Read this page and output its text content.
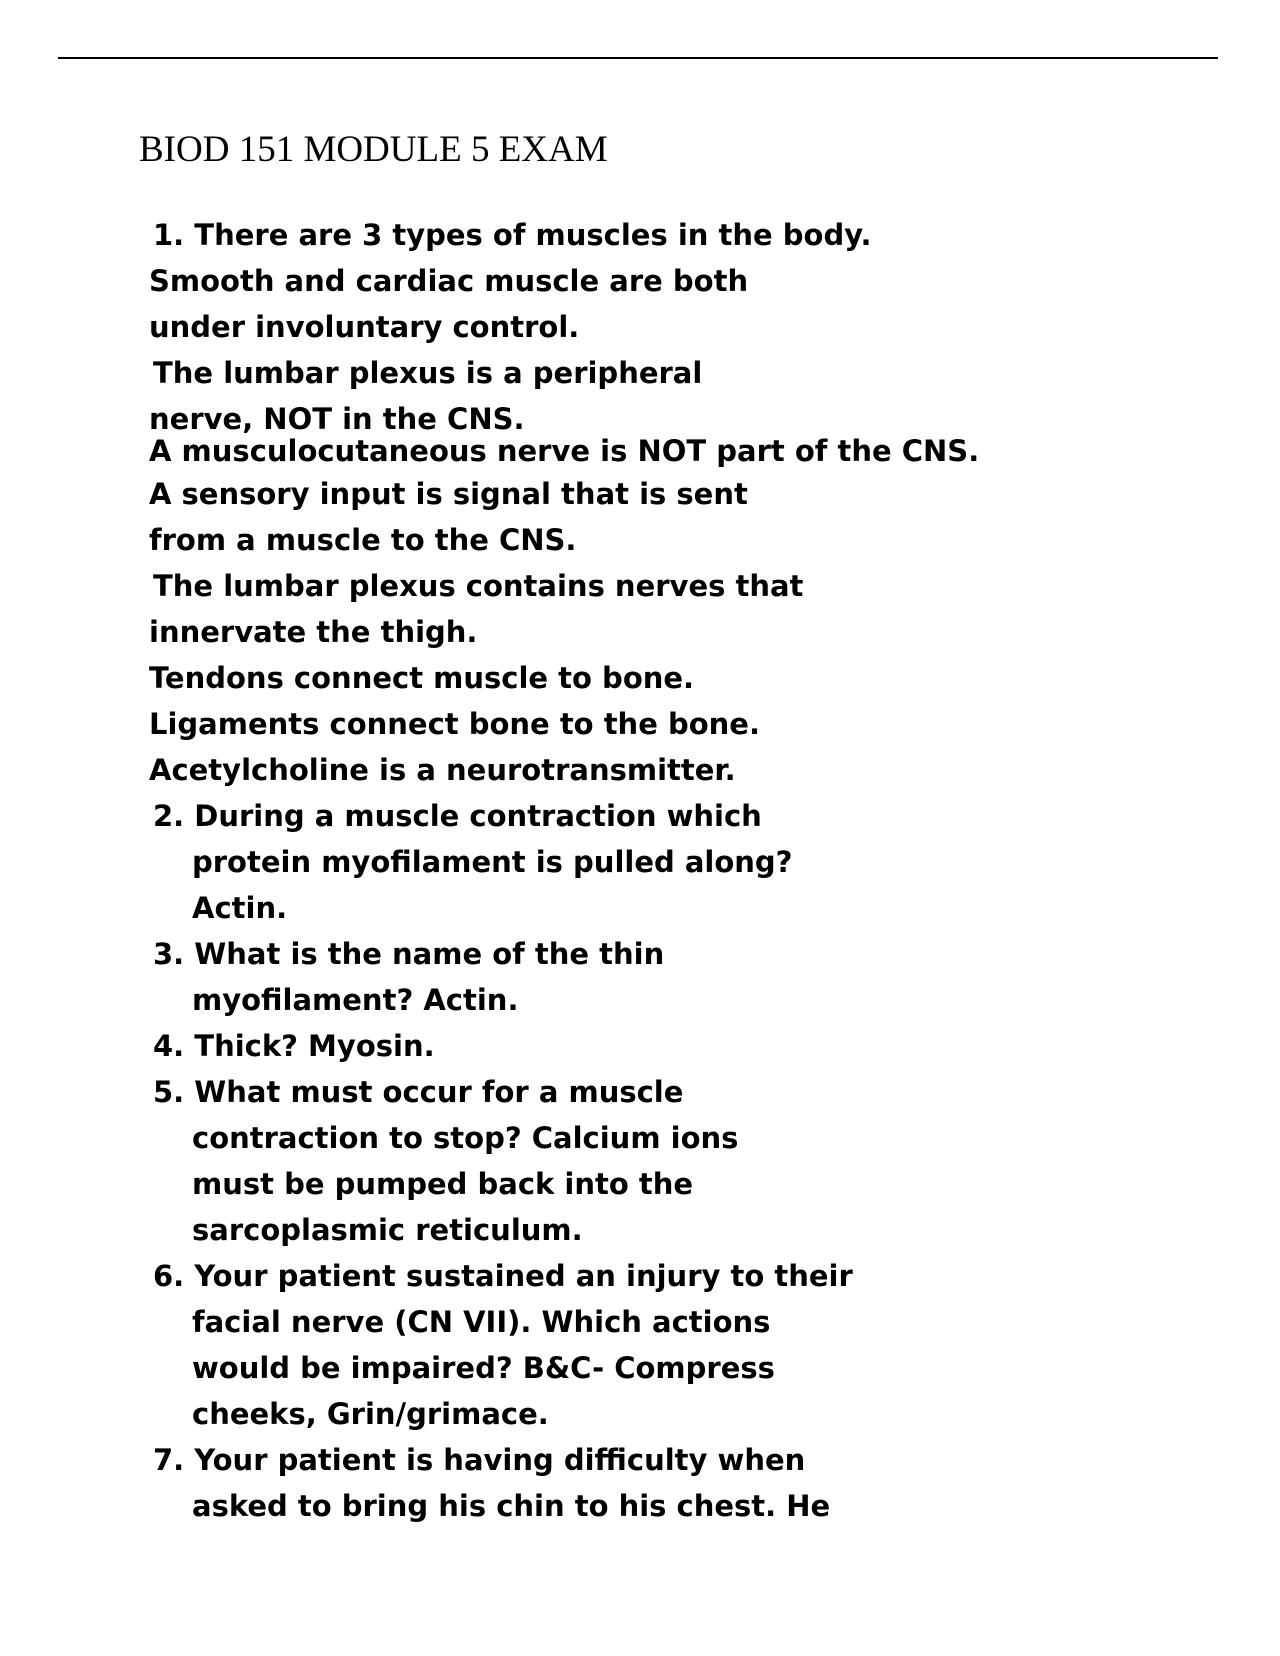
BIOD 151 MODULE 5 EXAM
1. There are 3 types of muscles in the body.
Smooth and cardiac muscle are both
under involuntary control.
The lumbar plexus is a peripheral
nerve, NOT in the CNS.
A musculocutaneous nerve is NOT part of the CNS.
A sensory input is signal that is sent
from a muscle to the CNS.
The lumbar plexus contains nerves that
innervate the thigh.
Tendons connect muscle to bone.
Ligaments connect bone to the bone.
Acetylcholine is a neurotransmitter.
2. During a muscle contraction which
protein myofilament is pulled along?
Actin.
3. What is the name of the thin
myofilament? Actin.
4. Thick? Myosin.
5. What must occur for a muscle
contraction to stop? Calcium ions
must be pumped back into the
sarcoplasmic reticulum.
6. Your patient sustained an injury to their
facial nerve (CN VII). Which actions
would be impaired? B&C- Compress
cheeks, Grin/grimace.
7. Your patient is having difficulty when
asked to bring his chin to his chest. He
